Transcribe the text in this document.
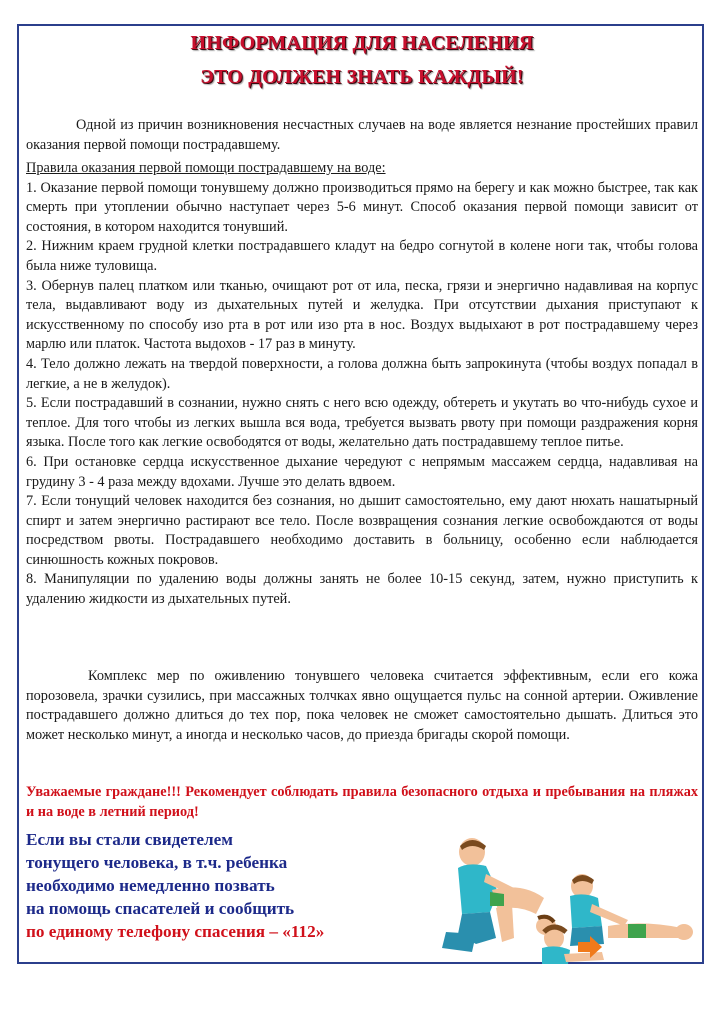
ИНФОРМАЦИЯ ДЛЯ НАСЕЛЕНИЯ
ЭТО ДОЛЖЕН ЗНАТЬ КАЖДЫЙ!

Одной из причин возникновения несчастных случаев на воде является незнание простейших правил оказания первой помощи пострадавшему.

Правила оказания первой помощи пострадавшему на воде:

1. Оказание первой помощи тонувшему должно производиться прямо на берегу и как можно быстрее, так как смерть при утоплении обычно наступает через 5-6 минут. Способ оказания первой помощи зависит от состояния, в котором находится тонувший.

2. Нижним краем грудной клетки пострадавшего кладут на бедро согнутой в колене ноги так, чтобы голова была ниже туловища.

3. Обернув палец платком или тканью, очищают рот от ила, песка, грязи и энергично надавливая на корпус тела, выдавливают воду из дыхательных путей и желудка. При отсутствии дыхания приступают к искусственному по способу изо рта в рот или изо рта в нос. Воздух выдыхают в рот пострадавшему через марлю или платок. Частота выдохов - 17 раз в минуту.

4. Тело должно лежать на твердой поверхности, а голова должна быть запрокинута (чтобы воздух попадал в легкие, а не в желудок).

5. Если пострадавший в сознании, нужно снять с него всю одежду, обтереть и укутать во что-нибудь сухое и теплое. Для того чтобы из легких вышла вся вода, требуется вызвать рвоту при помощи раздражения корня языка. После того как легкие освободятся от воды, желательно дать пострадавшему теплое питье.

6. При остановке сердца искусственное дыхание чередуют с непрямым массажем сердца, надавливая на грудину 3 - 4 раза между вдохами. Лучше это делать вдвоем.

7. Если тонущий человек находится без сознания, но дышит самостоятельно, ему дают нюхать нашатырный спирт и затем энергично растирают все тело. После возвращения сознания легкие освобождаются от воды посредством рвоты. Пострадавшего необходимо доставить в больницу, особенно если наблюдается синюшность кожных покровов.

8. Манипуляции по удалению воды должны занять не более 10-15 секунд, затем, нужно приступить к удалению жидкости из дыхательных путей.

Комплекс мер по оживлению тонувшего человека считается эффективным, если его кожа порозовела, зрачки сузились, при массажных толчках явно ощущается пульс на сонной артерии. Оживление пострадавшего должно длиться до тех пор, пока человек не сможет самостоятельно дышать. Длиться это может несколько минут, а иногда и несколько часов, до приезда бригады скорой помощи.

Уважаемые граждане!!! Рекомендует соблюдать правила безопасного отдыха и пребывания на пляжах и на воде в летний период!
Если вы стали свидетелем
тонущего человека, в т.ч. ребенка
необходимо немедленно позвать
на помощь спасателей и сообщить
по единому телефону спасения – «112»
